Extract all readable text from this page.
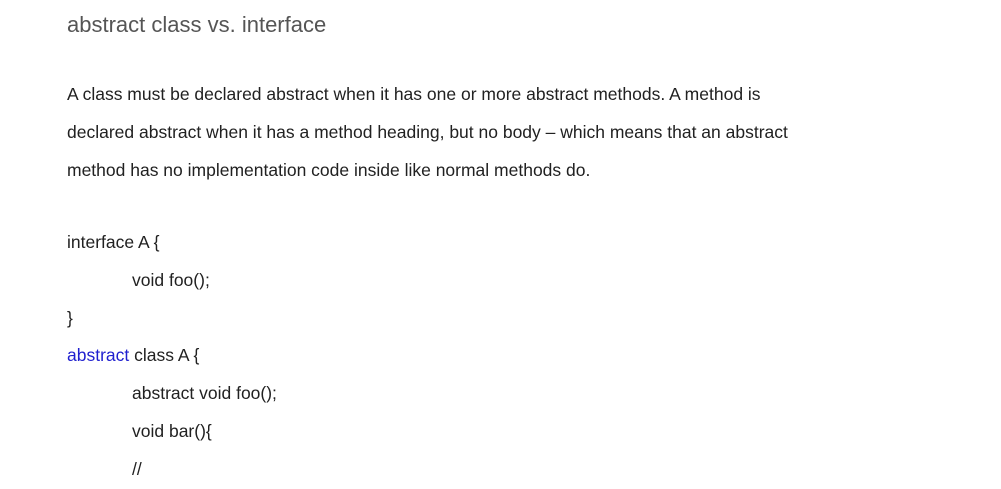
abstract class vs. interface

A class must be declared abstract when it has one or more abstract methods. A method is
declared abstract when it has a method heading, but no body – which means that an abstract
method has no implementation code inside like normal methods do.

interface A {
void foo();
}
abstract class A {
abstract void foo();
void bar(){
//
